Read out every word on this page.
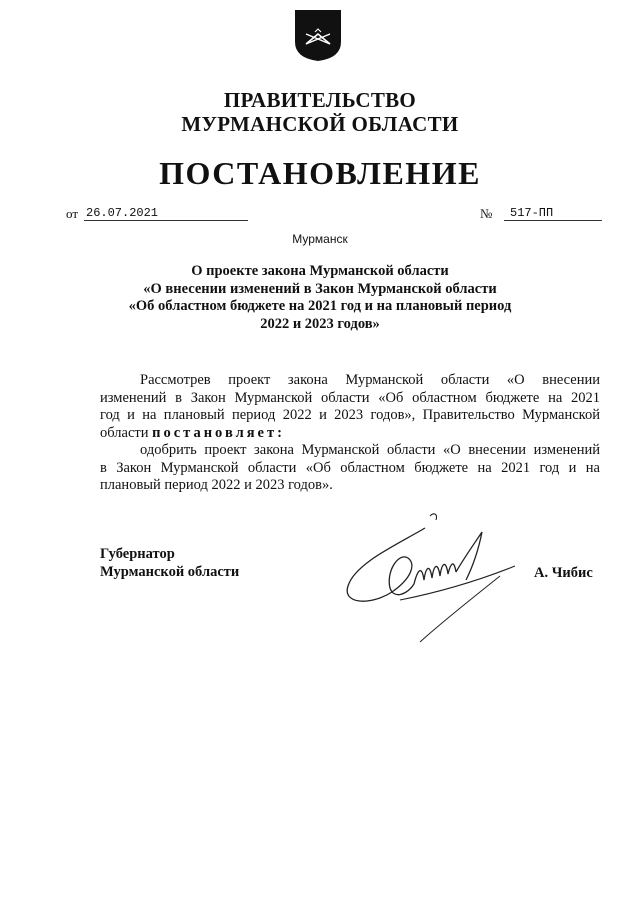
ПРАВИТЕЛЬСТВО
МУРМАНСКОЙ ОБЛАСТИ
ПОСТАНОВЛЕНИЕ
от 26.07.2021	№	517-ПП
Мурманск
О проекте закона Мурманской области
«О внесении изменений в Закон Мурманской области
«Об областном бюджете на 2021 год и на плановый период
2022 и 2023 годов»
Рассмотрев проект закона Мурманской области «О внесении
изменений в Закон Мурманской области «Об областном бюджете на 2021
год и на плановый период 2022 и 2023 годов», Правительство Мурманской
области постановляет:
одобрить проект закона Мурманской области «О внесении изменений
в Закон Мурманской области «Об областном бюджете на 2021 год и на
плановый период 2022 и 2023 годов».
Губернатор
Мурманской области	А. Чибис
